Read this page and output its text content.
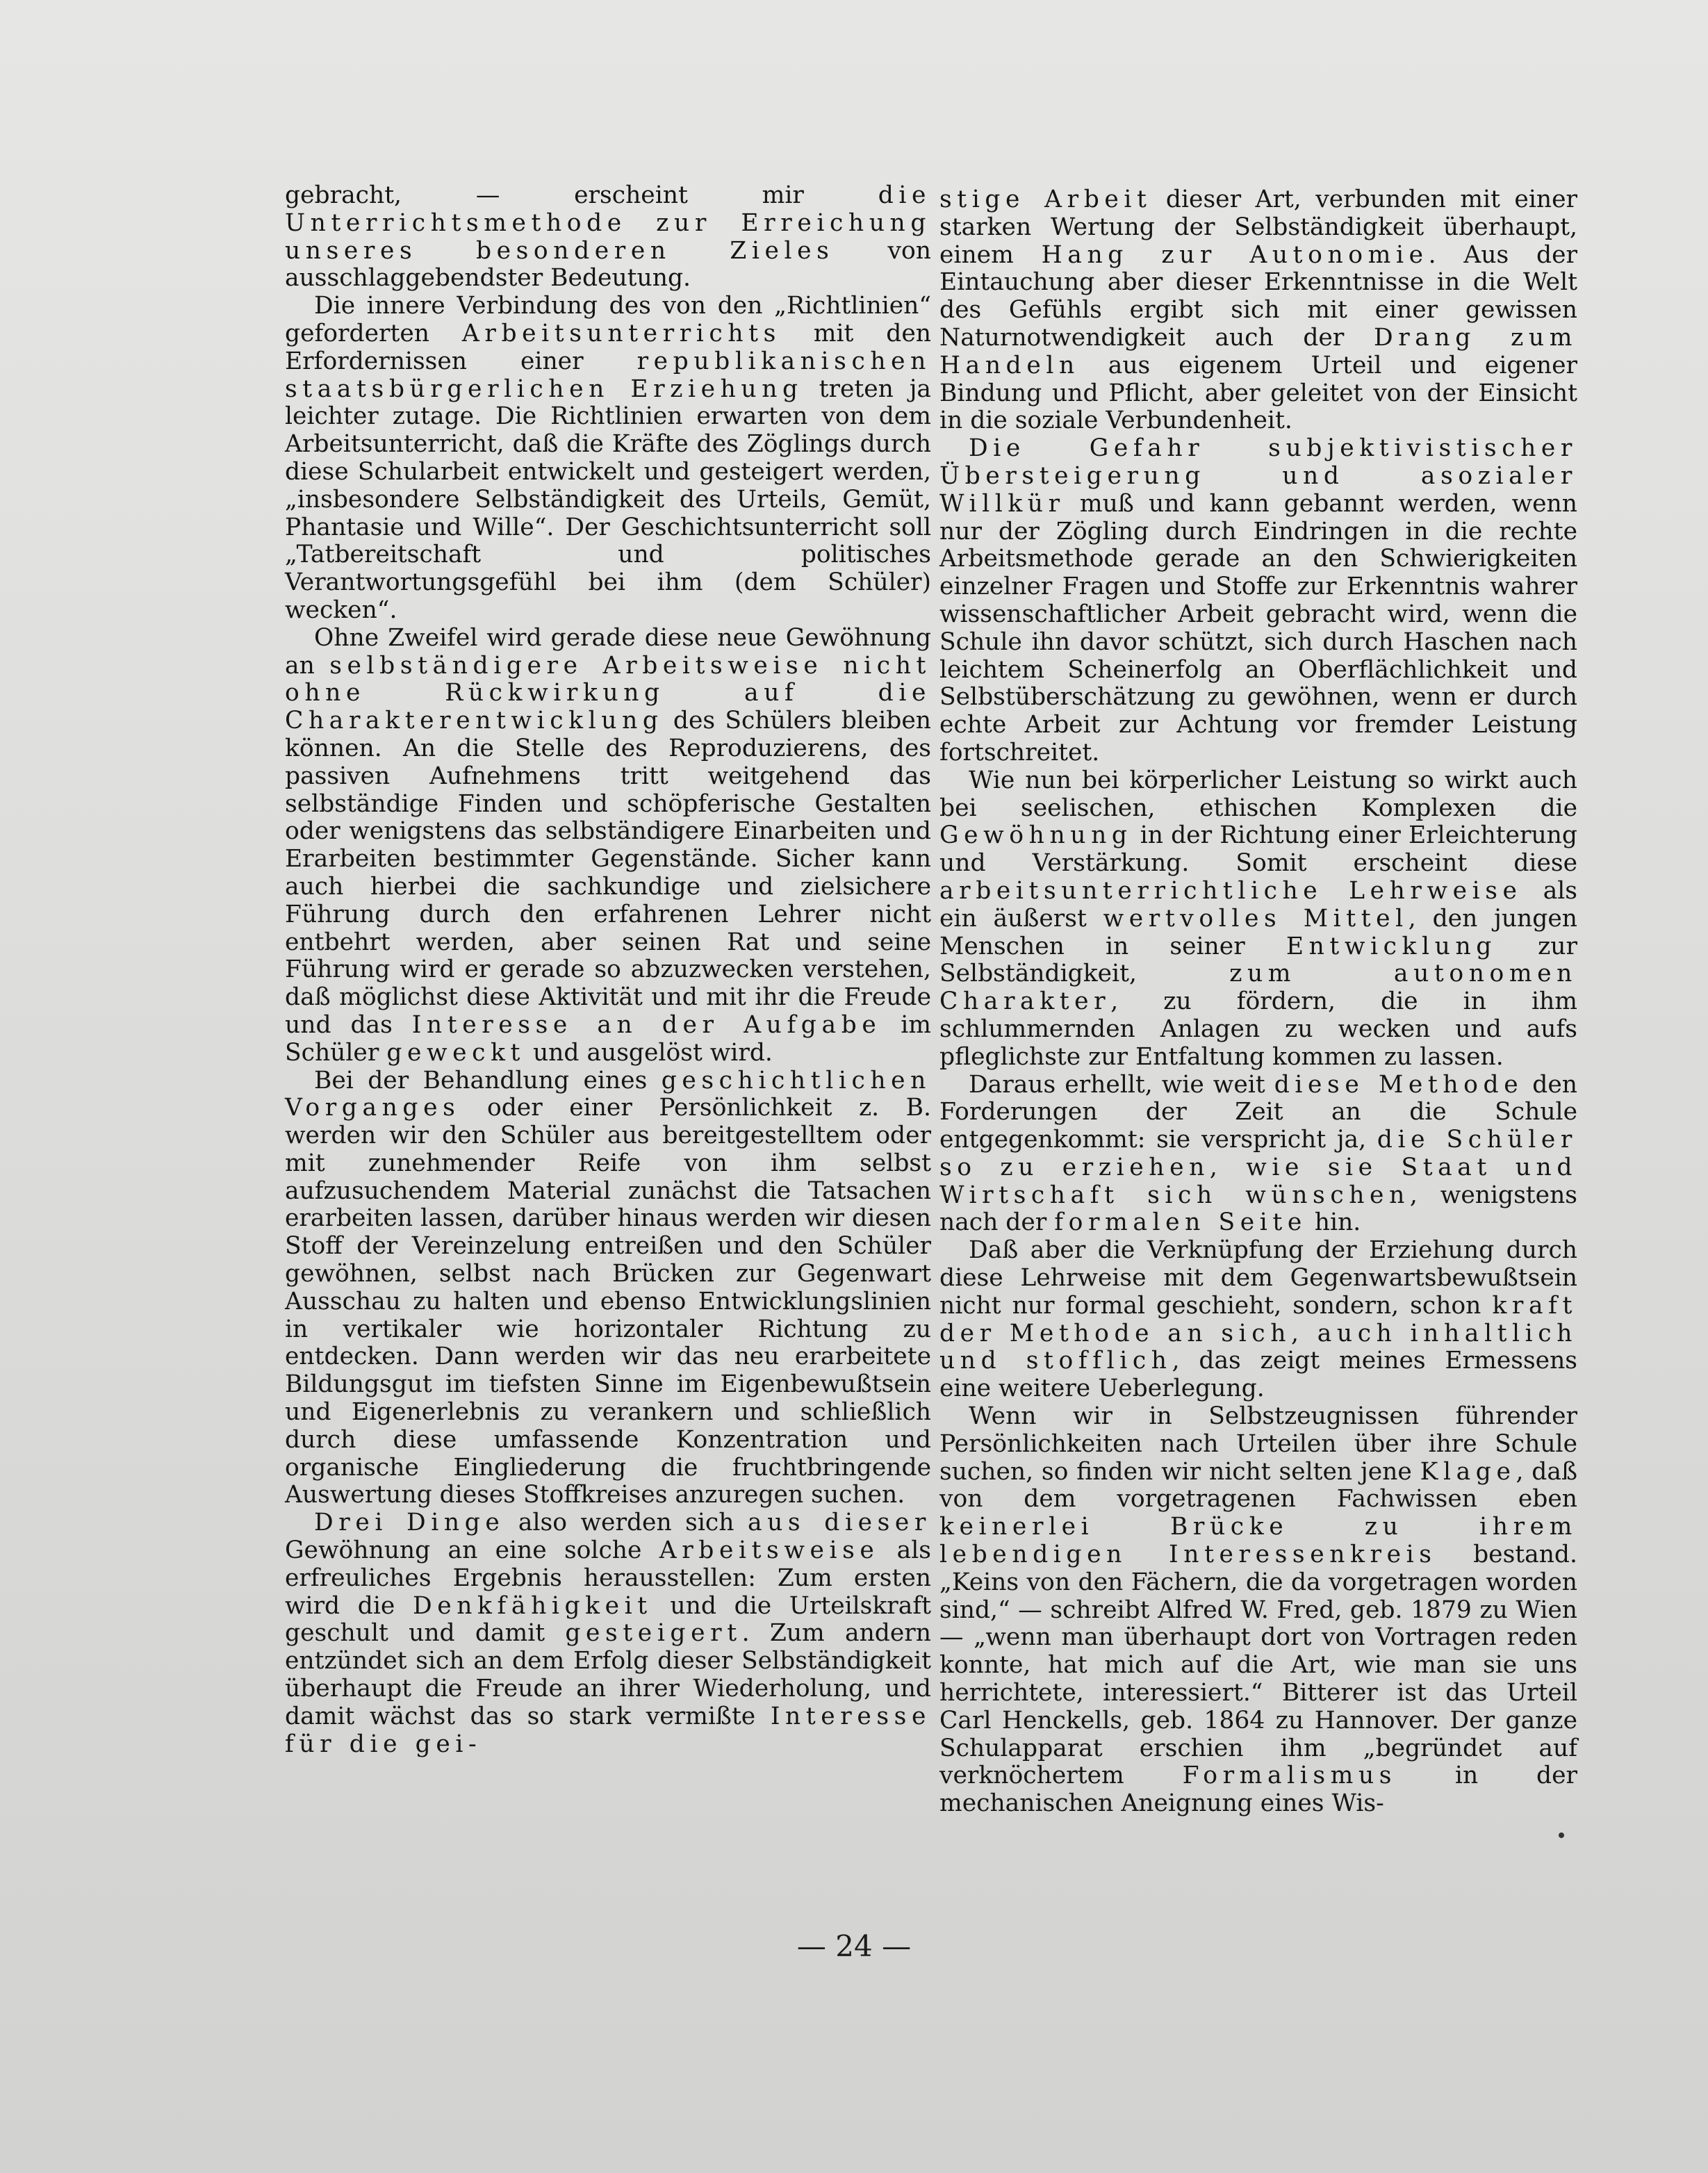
gebracht, — erscheint mir die Unterrichtsmethode zur Erreichung unseres besonderen Zieles von ausschlaggebendster Bedeutung.

Die innere Verbindung des von den „Richtlinien“ geforderten Arbeitsunterrichts mit den Erfordernissen einer republikanischen staatsbürgerlichen Erziehung treten ja leichter zutage. Die Richtlinien erwarten von dem Arbeitsunterricht, daß die Kräfte des Zöglings durch diese Schularbeit entwickelt und gesteigert werden, „insbesondere Selbständigkeit des Urteils, Gemüt, Phantasie und Wille“. Der Geschichtsunterricht soll „Tatbereitschaft und politisches Verantwortungsgefühl bei ihm (dem Schüler) wecken“.

Ohne Zweifel wird gerade diese neue Gewöhnung an selbständigere Arbeitsweise nicht ohne Rückwirkung auf die Charakterentwicklung des Schülers bleiben können. An die Stelle des Reproduzierens, des passiven Aufnehmens tritt weitgehend das selbständige Finden und schöpferische Gestalten oder wenigstens das selbständigere Einarbeiten und Erarbeiten bestimmter Gegenstände. Sicher kann auch hierbei die sachkundige und zielsichere Führung durch den erfahrenen Lehrer nicht entbehrt werden, aber seinen Rat und seine Führung wird er gerade so abzuzwecken verstehen, daß möglichst diese Aktivität und mit ihr die Freude und das Interesse an der Aufgabe im Schüler geweckt und ausgelöst wird.

Bei der Behandlung eines geschichtlichen Vorganges oder einer Persönlichkeit z. B. werden wir den Schüler aus bereitgestelltem oder mit zunehmender Reife von ihm selbst aufzusuchendem Material zunächst die Tatsachen erarbeiten lassen, darüber hinaus werden wir diesen Stoff der Vereinzelung entreißen und den Schüler gewöhnen, selbst nach Brücken zur Gegenwart Ausschau zu halten und ebenso Entwicklungslinien in vertikaler wie horizontaler Richtung zu entdecken. Dann werden wir das neu erarbeitete Bildungsgut im tiefsten Sinne im Eigenbewußtsein und Eigenerlebnis zu verankern und schließlich durch diese umfassende Konzentration und organische Eingliederung die fruchtbringende Auswertung dieses Stoffkreises anzuregen suchen.

Drei Dinge also werden sich aus dieser Gewöhnung an eine solche Arbeitsweise als erfreuliches Ergebnis herausstellen: Zum ersten wird die Denkfähigkeit und die Urteilskraft geschult und damit gesteigert. Zum andern entzündet sich an dem Erfolg dieser Selbständigkeit überhaupt die Freude an ihrer Wiederholung, und damit wächst das so stark vermißte Interesse für die gei-

stige Arbeit dieser Art, verbunden mit einer starken Wertung der Selbständigkeit überhaupt, einem Hang zur Autonomie. Aus der Eintauchung aber dieser Erkenntnisse in die Welt des Gefühls ergibt sich mit einer gewissen Naturnotwendigkeit auch der Drang zum Handeln aus eigenem Urteil und eigener Bindung und Pflicht, aber geleitet von der Einsicht in die soziale Verbundenheit.

Die Gefahr subjektivistischer Übersteigerung und asozialer Willkür muß und kann gebannt werden, wenn nur der Zögling durch Eindringen in die rechte Arbeitsmethode gerade an den Schwierigkeiten einzelner Fragen und Stoffe zur Erkenntnis wahrer wissenschaftlicher Arbeit gebracht wird, wenn die Schule ihn davor schützt, sich durch Haschen nach leichtem Scheinerfolg an Oberflächlichkeit und Selbstüberschätzung zu gewöhnen, wenn er durch echte Arbeit zur Achtung vor fremder Leistung fortschreitet.

Wie nun bei körperlicher Leistung so wirkt auch bei seelischen, ethischen Komplexen die Gewöhnung in der Richtung einer Erleichterung und Verstärkung. Somit erscheint diese arbeitsunterrichtliche Lehrweise als ein äußerst wertvolles Mittel, den jungen Menschen in seiner Entwicklung zur Selbständigkeit, zum autonomen Charakter, zu fördern, die in ihm schlummernden Anlagen zu wecken und aufs pfleglichste zur Entfaltung kommen zu lassen.

Daraus erhellt, wie weit diese Methode den Forderungen der Zeit an die Schule entgegenkommt: sie verspricht ja, die Schüler so zu erziehen, wie sie Staat und Wirtschaft sich wünschen, wenigstens nach der formalen Seite hin.

Daß aber die Verknüpfung der Erziehung durch diese Lehrweise mit dem Gegenwartsbewußtsein nicht nur formal geschieht, sondern, schon kraft der Methode an sich, auch inhaltlich und stofflich, das zeigt meines Ermessens eine weitere Ueberlegung.

Wenn wir in Selbstzeugnissen führender Persönlichkeiten nach Urteilen über ihre Schule suchen, so finden wir nicht selten jene Klage, daß von dem vorgetragenen Fachwissen eben keinerlei Brücke zu ihrem lebendigen Interessenkreis bestand. „Keins von den Fächern, die da vorgetragen worden sind,“ — schreibt Alfred W. Fred, geb. 1879 zu Wien — „wenn man überhaupt dort von Vortragen reden konnte, hat mich auf die Art, wie man sie uns herrichtete, interessiert.“ Bitterer ist das Urteil Carl Henckells, geb. 1864 zu Hannover. Der ganze Schulapparat erschien ihm „begründet auf verknöchertem Formalismus in der mechanischen Aneignung eines Wis-

— 24 —
